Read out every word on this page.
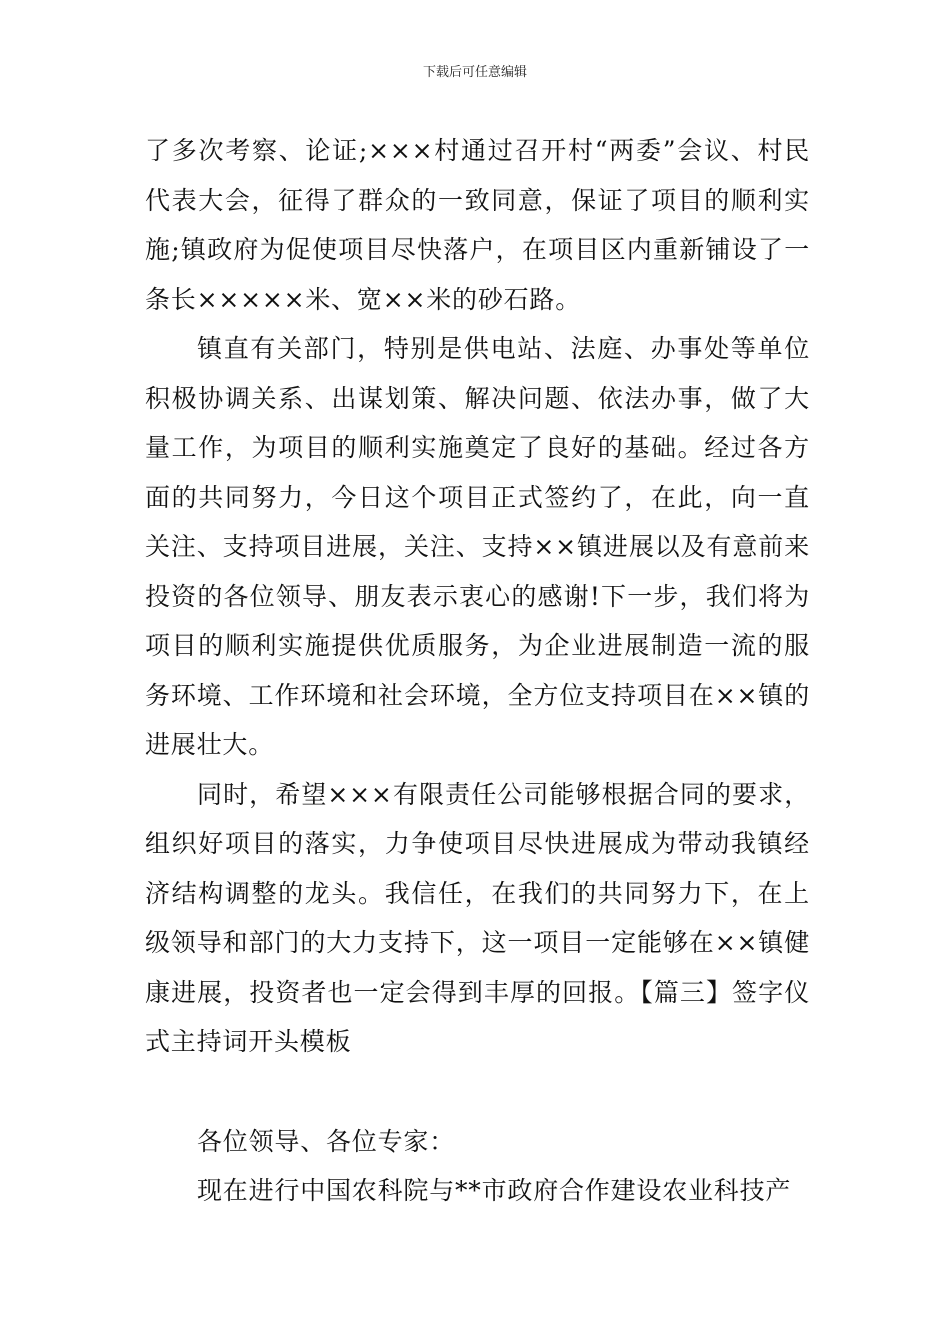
下载后可任意编辑

了多次考察、论证;×××村通过召开村“两委”会议、村民代表大会，征得了群众的一致同意，保证了项目的顺利实施;镇政府为促使项目尽快落户，在项目区内重新铺设了一条长×××××米、宽××米的砂石路。

镇直有关部门，特别是供电站、法庭、办事处等单位积极协调关系、出谋划策、解决问题、依法办事，做了大量工作，为项目的顺利实施奠定了良好的基础。经过各方面的共同努力，今日这个项目正式签约了，在此，向一直关注、支持项目进展，关注、支持××镇进展以及有意前来投资的各位领导、朋友表示衷心的感谢!下一步，我们将为项目的顺利实施提供优质服务，为企业进展制造一流的服务环境、工作环境和社会环境，全方位支持项目在××镇的进展壮大。

同时，希望×××有限责任公司能够根据合同的要求，组织好项目的落实，力争使项目尽快进展成为带动我镇经济结构调整的龙头。我信任，在我们的共同努力下，在上级领导和部门的大力支持下，这一项目一定能够在××镇健康进展，投资者也一定会得到丰厚的回报。【篇三】签字仪式主持词开头模板

各位领导、各位专家：

现在进行中国农科院与**市政府合作建设农业科技产
